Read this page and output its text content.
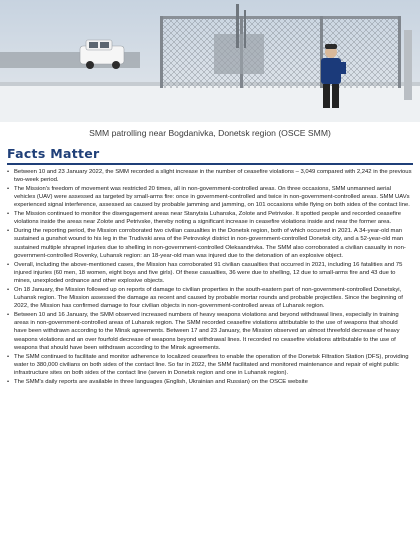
SMM patrolling near Bogdanivka, Donetsk region (OSCE SMM)
Facts Matter
• Between 10 and 23 January 2022, the SMM recorded a slight increase in the number of ceasefire violations – 3,049 compared with 2,242 in the previous two-week period.
• The Mission's freedom of movement was restricted 20 times, all in non-government-controlled areas. On three occasions, SMM unmanned aerial vehicles (UAV) were assessed as targeted by small-arms fire: once in government-controlled and twice in non-government-controlled areas. SMM UAVs experienced signal interference, assessed as caused by probable jamming and jamming, on 101 occasions while flying on both sides of the contact line.
• The Mission continued to monitor the disengagement areas near Stanytsia Luhanska, Zolote and Petrivske. It spotted people and recorded ceasefire violations inside the areas near Zolote and Petrivske, thereby noting a significant increase in ceasefire violations inside and near the former area.
• During the reporting period, the Mission corroborated two civilian casualties in the Donetsk region, both of which occurred in 2021. A 34-year-old man sustained a gunshot wound to his leg in the Trudivski area of the Petrovskyi district in non-government-controlled Donetsk city, and a 52-year-old man sustained multiple shrapnel injuries due to shelling in non-government-controlled Oleksandrivka. The SMM also corroborated a civilian casualty in non-government-controlled Rovenky, Luhansk region: an 18-year-old man was injured due to the detonation of an explosive object.
• Overall, including the above-mentioned cases, the Mission has corroborated 91 civilian casualties that occurred in 2021, including 16 fatalities and 75 injured injuries (60 men, 18 women, eight boys and five girls). Of these casualties, 36 were due to shelling, 12 due to small-arms fire and 43 due to mines, unexploded ordnance and other explosive objects.
• On 18 January, the Mission followed up on reports of damage to civilian properties in the south-eastern part of non-government-controlled Donetskyi, Luhansk region. The Mission assessed the damage as recent and caused by probable mortar rounds and probable projectiles. Since the beginning of 2022, the Mission has confirmed damage to four civilian objects in non-government-controlled areas of Luhansk region.
• Between 10 and 16 January, the SMM observed increased numbers of heavy weapons violations and beyond withdrawal lines, especially in training areas in non-government-controlled areas of Luhansk region. The SMM recorded ceasefire violations attributable to the use of weapons that should have been withdrawn according to the Minsk agreements. Between 17 and 23 January, the Mission observed an almost threefold decrease of heavy weapons violations and an over fourfold decrease of weapons beyond withdrawal lines. It recorded no ceasefire violations attributable to the use of weapons that should have been withdrawn according to the Minsk agreements.
• The SMM continued to facilitate and monitor adherence to localized ceasefires to enable the operation of the Donetsk Filtration Station (DFS), providing water to 380,000 civilians on both sides of the contact line. So far in 2022, the SMM facilitated and monitored maintenance and repair of eight public infrastructure sites on both sides of the contact line (seven in Donetsk region and one in Luhansk region).
• The SMM's daily reports are available in three languages (English, Ukrainian and Russian) on the OSCE website
